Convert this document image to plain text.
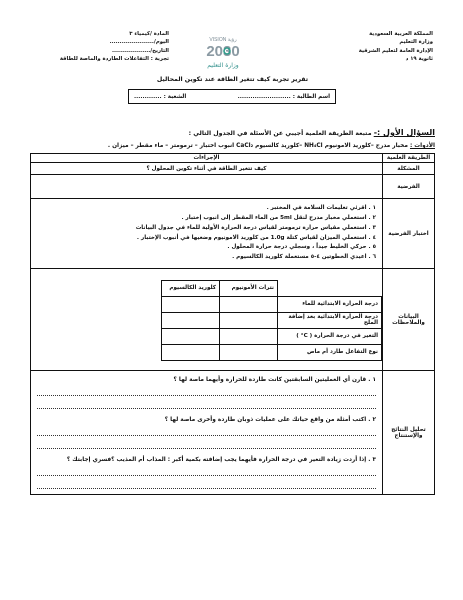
المملكة العربية السعودية
وزارة التعليم
الإدارة العامة لتعليم الشرقية
ثانوية ١٩ د
VISION رؤية
2030
وزارة التعليم
المادة /كيمياء ٣
اليوم/......................
التاريخ/...................
تجربة : التفاعلات الطاردة والماصة للطاقة
تقرير تجربة كيف تتغير الطاقة عند تكوين المحاليل
اسم الطالبة : .........................
الشعبة : .............
السؤال الأول :- متبعة الطريقة العلمية أجيبي عن الأسئلة في الجدول التالي :
الأدوات : مخبار مدرج –كلوريد الامونيوم NH₄Cl –كلوريد كالسيوم CaCl₂ انبوب اختبار – ترمومتر – ماء مقطر – ميزان .
الطريقة العلمية	الإجراءات
المشكلة	كيف تتغير الطاقة في أثناء تكوين المحلول ؟
الفرضية	
اختبار الفرضية	
١ . اقرئي تعليمات السلامة في المختبر .
٢ . استعملي مخبار مدرج لنقل 5ml من الماء المقطر إلى انبوب إختبار .
٣ . استعملي مقياس حرارة ترمومتر لقياس درجة الحرارة الأولية للماء في جدول البيانات
٤ . استعملي الميزان لقياس كتلة 1.0g من كلوريد الامونيوم وضعيها في أنبوب الإختبار .
٥ . حركي الخليط جيداً ، وسجلي درجة حرارة المحلول .
٦ . اعيدي الخطوتين ٤-٥ مستعملة كلوريد الكالسيوم .

البيانات والملاحظات	
	نترات الأمونيوم	كلوريد الكالسيوم
درجة الحرارة الابتدائية للماء		
درجة الحرارة الابتدائية بعد إضافة الملح		
التغير في درجة الحرارة ( C° )		
نوع التفاعل طارد أم ماص		

تحليل النتائج والإستنتاج	
١ . قارن أي العمليتين السابقتين كانت طاردة للحرارة وأيهما ماصة لها ؟
٢ . اكتب أمثلة من واقع حياتك على عمليات ذوبان طاردة وأخرى ماصة لها ؟
٣ . إذا أردت زيادة التغير في درجة الحرارة فأيهما يجب إضافته بكمية أكبر : المذاب أم المذيب ؟فسري إجابتك ؟
